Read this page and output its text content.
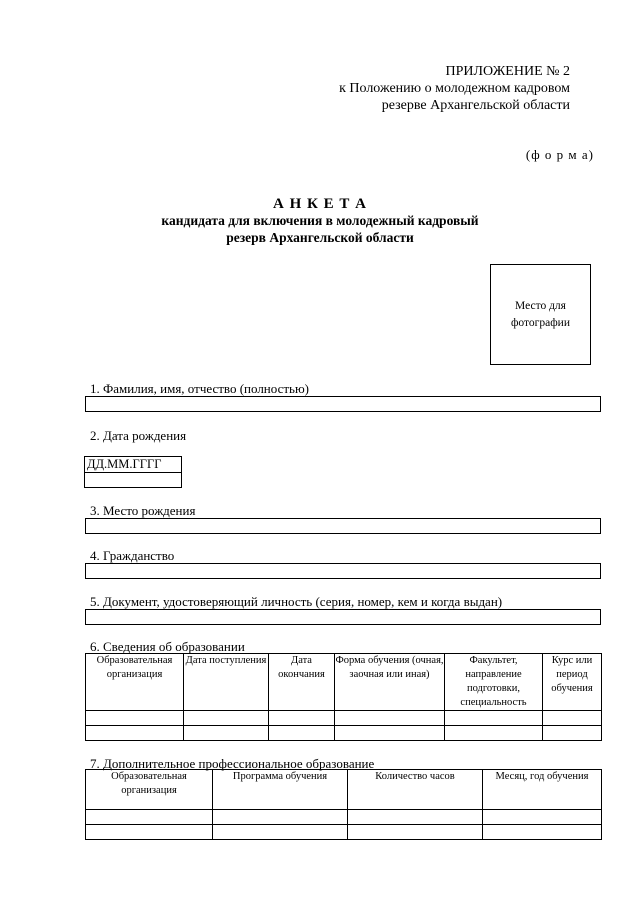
ПРИЛОЖЕНИЕ № 2
к Положению о молодежном кадровом
резерве Архангельской области
(ф о р м а)
А Н К Е Т А
кандидата для включения в молодежный кадровый
резерв Архангельской области
Место для
фотографии
1. Фамилия, имя, отчество (полностью)
2. Дата рождения
ДД.ММ.ГГГГ
3. Место рождения
4. Гражданство
5. Документ, удостоверяющий личность (серия, номер, кем и когда выдан)
6. Сведения об образовании
Образовательная организация	Дата поступления	Дата окончания	Форма обучения (очная, заочная или иная)	Факультет, направление подготовки, специальность	Курс или период обучения

7. Дополнительное профессиональное образование
Образовательная организация	Программа обучения	Количество часов	Месяц, год обучения
